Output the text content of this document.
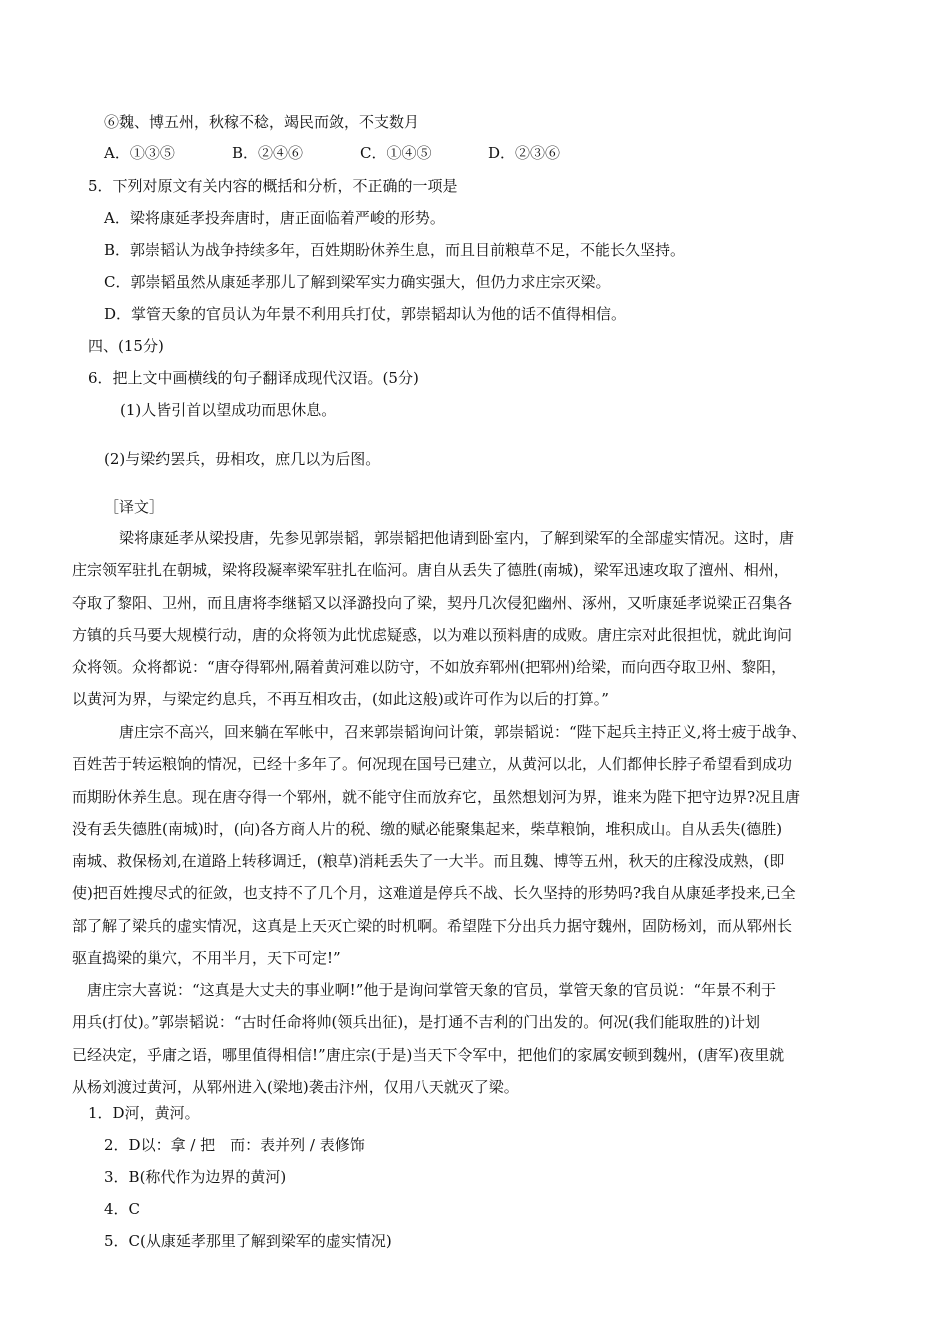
⑥魏、博五州，秋稼不稔，竭民而敛，不支数月
A．①③⑤	B．②④⑥	C．①④⑤	D．②③⑥
5．下列对原文有关内容的概括和分析，不正确的一项是
A．梁将康延孝投奔唐时，唐正面临着严峻的形势。
B．郭崇韬认为战争持续多年，百姓期盼休养生息，而且目前粮草不足，不能长久坚持。
C．郭崇韬虽然从康延孝那儿了解到梁军实力确实强大，但仍力求庄宗灭梁。
D．掌管天象的官员认为年景不利用兵打仗，郭崇韬却认为他的话不值得相信。
四、(15分)
6．把上文中画横线的句子翻译成现代汉语。(5分)
(1)人皆引首以望成功而思休息。
(2)与梁约罢兵，毋相攻，庶几以为后图。
［译文］
梁将康延孝从梁投唐，先参见郭崇韬，郭崇韬把他请到卧室内，了解到梁军的全部虚实情况。这时，唐
庄宗领军驻扎在朝城，梁将段凝率梁军驻扎在临河。唐自从丢失了德胜(南城)，梁军迅速攻取了澶州、相州，
夺取了黎阳、卫州，而且唐将李继韬又以泽潞投向了梁，契丹几次侵犯幽州、涿州，又听康延孝说梁正召集各
方镇的兵马要大规模行动，唐的众将领为此忧虑疑惑，以为难以预料唐的成败。唐庄宗对此很担忧，就此询问
众将领。众将都说：“唐夺得郓州,隔着黄河难以防守，不如放弃郓州(把郓州)给梁，而向西夺取卫州、黎阳，
以黄河为界，与梁定约息兵，不再互相攻击，(如此这般)或许可作为以后的打算。”
唐庄宗不高兴，回来躺在军帐中，召来郭崇韬询问计策，郭崇韬说：“陛下起兵主持正义,将士疲于战争、
百姓苦于转运粮饷的情况，已经十多年了。何况现在国号已建立，从黄河以北，人们都伸长脖子希望看到成功
而期盼休养生息。现在唐夺得一个郓州，就不能守住而放弃它，虽然想划河为界，谁来为陛下把守边界?况且唐
没有丢失德胜(南城)时，(向)各方商人片的税、缴的赋必能聚集起来，柴草粮饷，堆积成山。自从丢失(德胜)
南城、救保杨刘,在道路上转移调迁，(粮草)消耗丢失了一大半。而且魏、博等五州，秋天的庄稼没成熟，(即
使)把百姓搜尽式的征敛，也支持不了几个月，这难道是停兵不战、长久坚持的形势吗?我自从康延孝投来,已全
部了解了梁兵的虚实情况，这真是上天灭亡梁的时机啊。希望陛下分出兵力据守魏州，固防杨刘，而从郓州长
驱直捣梁的巢穴，不用半月，天下可定!”
唐庄宗大喜说：“这真是大丈夫的事业啊!”他于是询问掌管天象的官员，掌管天象的官员说：“年景不利于
用兵(打仗)。”郭崇韬说：“古时任命将帅(领兵出征)，是打通不吉利的门出发的。何况(我们能取胜的)计划
已经决定，乎庸之语，哪里值得相信!”唐庄宗(于是)当天下令军中，把他们的家属安顿到魏州，(唐军)夜里就
从杨刘渡过黄河，从郓州进入(梁地)袭击汴州，仅用八天就灭了梁。
1．D河，黄河。
2．D以：拿 / 把　而：表并列 / 表修饰
3．B(称代作为边界的黄河)
4．C
5．C(从康延孝那里了解到梁军的虚实情况)
